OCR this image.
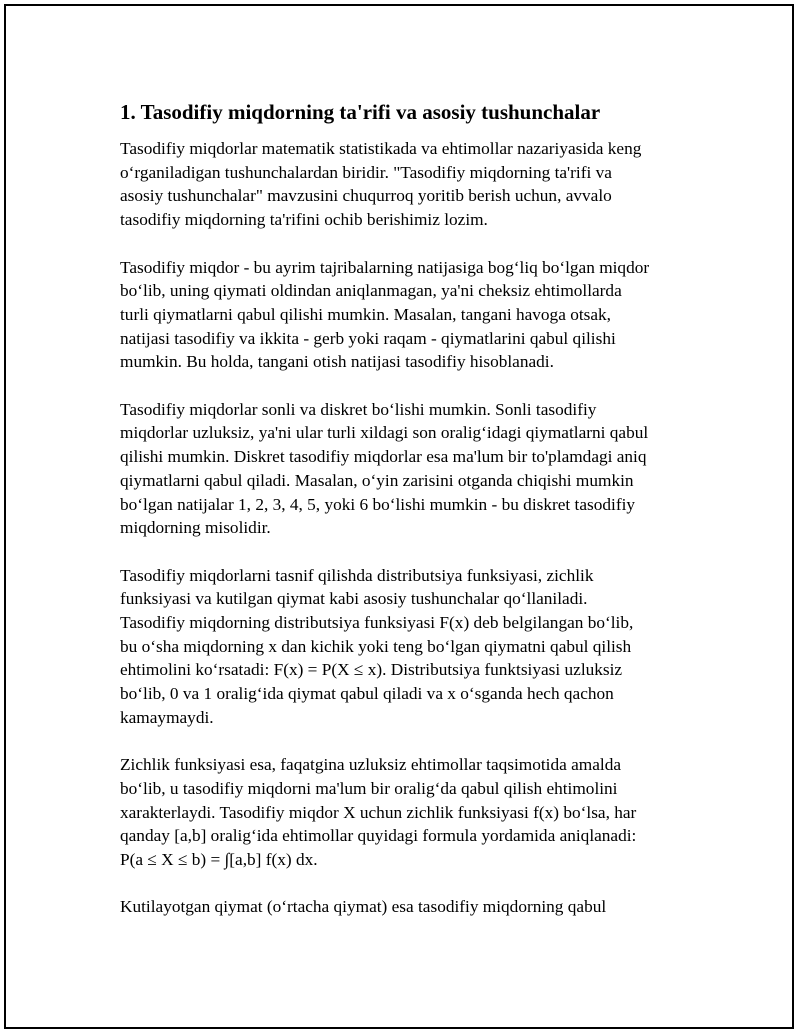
1. Tasodifiy miqdorning ta'rifi va asosiy tushunchalar

Tasodifiy miqdorlar matematik statistikada va ehtimollar nazariyasida keng
o‘rganiladigan tushunchalardan biridir. "Tasodifiy miqdorning ta'rifi va
asosiy tushunchalar" mavzusini chuqurroq yoritib berish uchun, avvalo
tasodifiy miqdorning ta'rifini ochib berishimiz lozim.

Tasodifiy miqdor - bu ayrim tajribalarning natijasiga bog‘liq bo‘lgan miqdor
bo‘lib, uning qiymati oldindan aniqlanmagan, ya'ni cheksiz ehtimollarda
turli qiymatlarni qabul qilishi mumkin. Masalan, tangani havoga otsak,
natijasi tasodifiy va ikkita - gerb yoki raqam - qiymatlarini qabul qilishi
mumkin. Bu holda, tangani otish natijasi tasodifiy hisoblanadi.

Tasodifiy miqdorlar sonli va diskret bo‘lishi mumkin. Sonli tasodifiy
miqdorlar uzluksiz, ya'ni ular turli xildagi son oralig‘idagi qiymatlarni qabul
qilishi mumkin. Diskret tasodifiy miqdorlar esa ma'lum bir to'plamdagi aniq
qiymatlarni qabul qiladi. Masalan, o‘yin zarisini otganda chiqishi mumkin
bo‘lgan natijalar 1, 2, 3, 4, 5, yoki 6 bo‘lishi mumkin - bu diskret tasodifiy
miqdorning misolidir.

Tasodifiy miqdorlarni tasnif qilishda distributsiya funksiyasi, zichlik
funksiyasi va kutilgan qiymat kabi asosiy tushunchalar qo‘llaniladi.
Tasodifiy miqdorning distributsiya funksiyasi F(x) deb belgilangan bo‘lib,
bu o‘sha miqdorning x dan kichik yoki teng bo‘lgan qiymatni qabul qilish
ehtimolini ko‘rsatadi: F(x) = P(X ≤ x). Distributsiya funktsiyasi uzluksiz
bo‘lib, 0 va 1 oralig‘ida qiymat qabul qiladi va x o‘sganda hech qachon
kamaymaydi.

Zichlik funksiyasi esa, faqatgina uzluksiz ehtimollar taqsimotida amalda
bo‘lib, u tasodifiy miqdorni ma'lum bir oralig‘da qabul qilish ehtimolini
xarakterlaydi. Tasodifiy miqdor X uchun zichlik funksiyasi f(x) bo‘lsa, har
qanday [a,b] oralig‘ida ehtimollar quyidagi formula yordamida aniqlanadi:
P(a ≤ X ≤ b) = ∫[a,b] f(x) dx.

Kutilayotgan qiymat (o‘rtacha qiymat) esa tasodifiy miqdorning qabul
